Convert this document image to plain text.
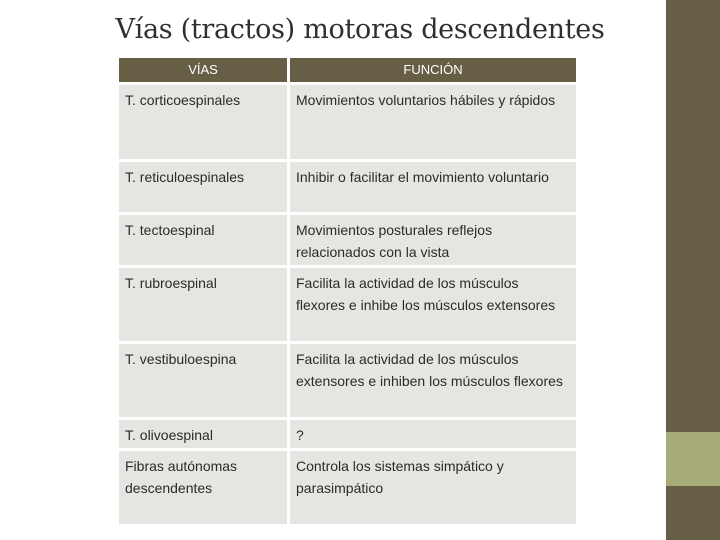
Vías (tractos) motoras descendentes
VÍAS	FUNCIÓN
T. corticoespinales	Movimientos voluntarios hábiles y rápidos
T. reticuloespinales	Inhibir o facilitar el movimiento voluntario
T. tectoespinal	Movimientos posturales reflejos relacionados con la vista
T. rubroespinal	Facilita la actividad de los músculos flexores e inhibe los músculos extensores
T. vestibuloespina	Facilita la actividad de los músculos extensores e inhiben los músculos flexores
T. olivoespinal	?
Fibras autónomas descendentes	Controla los sistemas simpático y parasimpático
